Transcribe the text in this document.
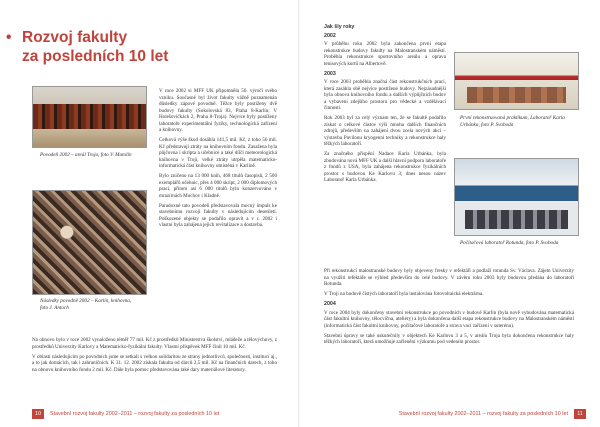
• Rozvoj fakulty
za posledních 10 let
Povodeň 2002 – areál Troja, foto V. Matolín
Následky povodně 2002 – Karlín, knihovna, foto J. Antoch

V roce 2002 si MFF UK připomněla 50. výročí svého vzniku. Současně byl život fakulty vážně poznamenán důsledky zápové povodně. Těžce byly postiženy dvě budovy fakulty (Sokolovská 83, Praha 8-Karlín; V Holešovičkách 2, Praha 8-Troja). Nejvíce byly postiženy laboratoře experimentální fyziky, technologická zařízení a knihovny.

Celková výše škod dosáhla 141,5 mil. Kč, z toho 56 mil. Kč představují ztráty na knihovním fondu. Zasažena byla půjčovna i skripta a učebnice a také dílčí meteorologická knihovna v Troji, velké ztráty utrpěla matematicko-informatická část knihovny umístěná v Karlíně.

Bylo zničeno na 13 000 knih, 468 titulů časopisů, 2 500 exemplářů učebnic, přes 4 000 skript, 2 000 diplomových prací, přitom asi 6 000 titulů bylo konzervováno v mrazírnách Mochov i Kladně.

Paradoxně tato povodeň představovala mocný impuls ke stavebnímu rozvoji fakulty v následujícím desetiletí. Poškozené objekty se podařilo opravit a v r. 2002 i vlastní byla zahájena jejich revitalizace a dostavba.

Na obnovu bylo v roce 2002 vynaloženo téměř 77 mil. Kč z prostředků Ministerstva školství, mládeže a tělovýchovy, z prostředků Univerzity Karlovy a Matematicko-fyzikální fakulty. Vlastní příspěvek MFF činil 10 mil. Kč.

V oblasti následujícím po povodních jsme se setkali s velkou solidaritou ze strany jednotlivců, společností, institucí aj., a to jak domácích, tak i zahraničních. K 31. 12. 2002 získala fakulta od dárců 2,5 mil. Kč na finančních darech, z toho na obnovu knihovního fondu 2 mil. Kč. Dále byla pomoc představována také dary materiálové literatury.

10	Stavební rozvoj fakulty 2002–2011 – rozvoj fakulty za posledních 10 let
Jak šly roky
2002

V průběhu roku 2002 byla zakončena první etapa rekonstrukce budovy fakulty na Malostranském náměstí. Proběhla rekonstrukce sportovního areálu a oprava tenisových kurtů na Albertově.

2003

V roce 2003 proběhla značná část rekonstrukčních prací, která zasáhla obě nejvíce postižené budovy. Nejzásadnější byla obnova knihovního fondu a dalších výpůjčních budov a vybavení zdejšího prostoru pro vědecké a vzdělávací činnosti.

Rok 2003 byl za celý význam ten, že se fakultě podařilo získat o celkové částce výši mnoha dalších finančních zdrojů, především na zahájení dvou zcela nových akcí – výstavba Pavilonu kryogenní techniky a rekonstrukce haly těžkých laboratoří.

Za značného přispění Nadace Karla Urbánka, byla zbudována nová MFF UK a další hlavní podpora laboratoře z fondů z USA, byla zahájena rekonstrukce fyzikálních prostor s budovou Ke Karlovu 3; dnes nesou název Laboratoř Karla Urbánka.

Při rekonstrukci malostranské budovy byly objeveny fresky v refektáři a podlaží rotunda Sv. Václava. Zájem Univerzity na využití refektáře se výhled především do celé budovy. V závěru roku 2003 byly budovou předána do laboratoří Rotunda.

V Troji na budově čistých laboratoří byla instalována fotovoltaická elektrárna.

2004

V roce 2004 byly dokončeny stavební rekonstrukce po povodních v budově Karlín (byla nově vybudována matematická část fakultní knihovny, tělocvična, ateliéry) a byla dokončena další etapa rekonstrukce budovy na Malostranském náměstí (informatická část fakultní knihovny, počítačové laboratoře a strava vací zařízení v suterénu).

Stavební úpravy se také uskutečnily v objektech Ke Karlovu 3 a 5, v areálu Troja byla dokončena rekonstrukce haly těžkých laboratoří, která umožňuje začlenění výzkumu pod vedením prostor.

První rekonstruovaná praktikum, Laboratoř Karla Urbánka, foto P. Svoboda
Počítačová laboratoř Rotunda, foto P. Svoboda
Stavební rozvoj fakulty 2002–2011 – rozvoj fakulty za posledních 10 let	11
